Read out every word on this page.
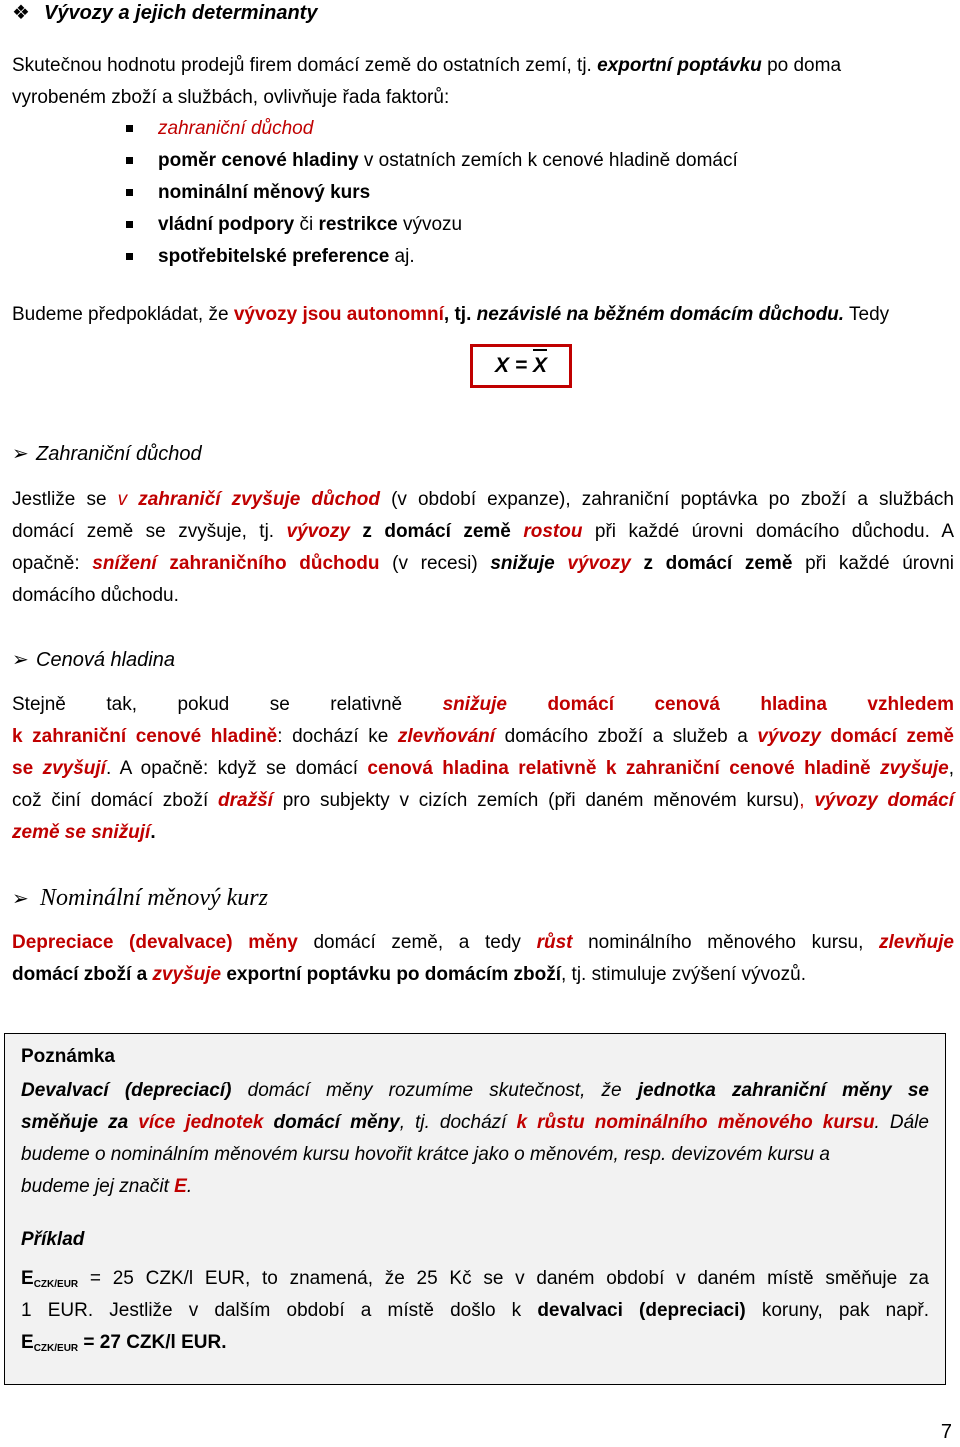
❖ Vývozy a jejich determinanty
Skutečnou hodnotu prodejů firem domácí země do ostatních zemí, tj. exportní poptávku po doma
vyrobeném zboží a službách, ovlivňuje řada faktorů:
zahraniční důchod
poměr cenové hladiny v ostatních zemích k cenové hladině domácí
nominální měnový kurs
vládní podpory či restrikce vývozu
spotřebitelské preference aj.
Budeme předpokládat, že vývozy jsou autonomní, tj. nezávislé na běžném domácím důchodu. Tedy
X = X
➢ Zahraniční důchod
Jestliže se v zahraničí zvyšuje důchod (v období expanze), zahraniční poptávka po zboží a službách
domácí země se zvyšuje, tj. vývozy z domácí země rostou při každé úrovni domácího důchodu. A
opačně: snížení zahraničního důchodu (v recesi) snižuje vývozy z domácí země při každé úrovni
domácího důchodu.
➢ Cenová hladina
Stejně tak, pokud se relativně snižuje domácí cenová hladina vzhledem
k zahraniční cenové hladině: dochází ke zlevňování domácího zboží a služeb a vývozy domácí země
se zvyšují. A opačně: když se domácí cenová hladina relativně k zahraniční cenové hladině zvyšuje,
což činí domácí zboží dražší pro subjekty v cizích zemích (při daném měnovém kursu), vývozy domácí
země se snižují.
➢ Nominální měnový kurz
Depreciace (devalvace) měny domácí země, a tedy růst nominálního měnového kursu, zlevňuje
domácí zboží a zvyšuje exportní poptávku po domácím zboží, tj. stimuluje zvýšení vývozů.
Poznámka
Devalvací (depreciací) domácí měny rozumíme skutečnost, že jednotka zahraniční měny se
směňuje za více jednotek domácí měny, tj. dochází k růstu nominálního měnového kursu. Dále
budeme o nominálním měnovém kursu hovořit krátce jako o měnovém, resp. devizovém kursu a
budeme jej značit E.
Příklad
$E_{CZK/EUR} = 25$ CZK/l EUR, to znamená, že 25 Kč se v daném období v daném místě směňuje za
1 EUR. Jestliže v dalším období a místě došlo k devalvaci (depreciaci) koruny, pak např.
$E_{CZK/EUR} = 27$ CZK/l EUR.
7
